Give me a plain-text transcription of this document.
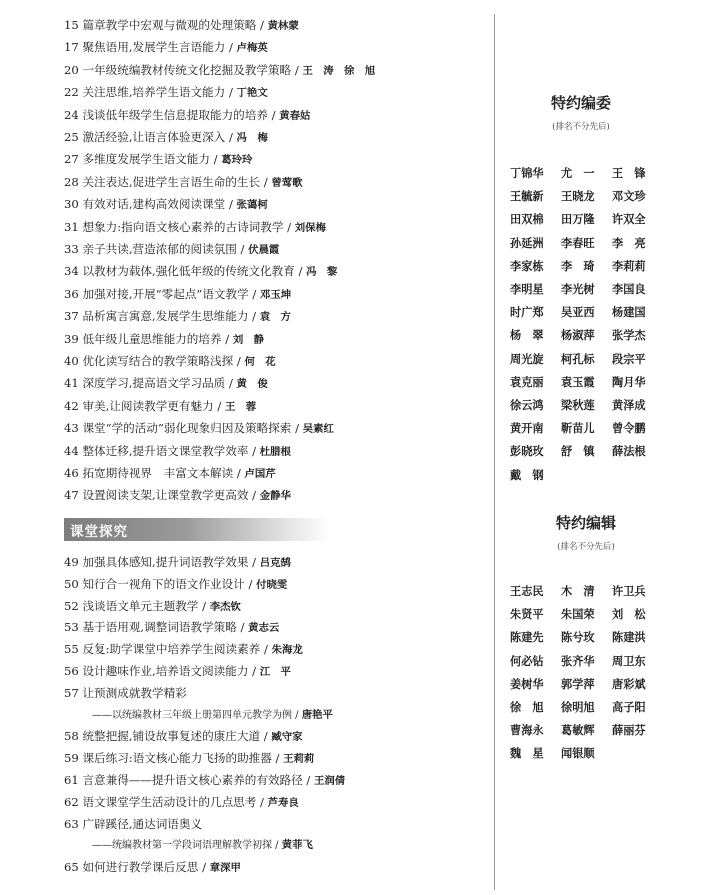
15 篇章教学中宏观与微观的处理策略 / 黄林蒙
17 聚焦语用,发展学生言语能力 / 卢梅英
20 一年级统编教材传统文化挖掘及教学策略 / 王　涛　徐　旭
22 关注思维,培养学生语文能力 / 丁艳文
24 浅谈低年级学生信息提取能力的培养 / 黄春姑
25 激活经验,让语言体验更深入 / 冯　梅
27 多维度发展学生语文能力 / 葛玲玲
28 关注表达,促进学生言语生命的生长 / 曾莺歌
30 有效对话,建构高效阅读课堂 / 张蔼柯
31 想象力:指向语文核心素养的古诗词教学 / 刘保梅
33 亲子共读,营造浓郁的阅读氛围 / 伏晨霞
34 以教材为载体,强化低年级的传统文化教育 / 冯　黎
36 加强对接,开展“零起点”语文教学 / 邓玉坤
37 品析寓言寓意,发展学生思维能力 / 袁　方
39 低年级儿童思维能力的培养 / 刘　静
40 优化读写结合的教学策略浅探 / 何　花
41 深度学习,提高语文学习品质 / 黄　俊
42 审美,让阅读教学更有魅力 / 王　蓉
43 课堂“学的活动”弱化现象归因及策略探索 / 吴素红
44 整体迁移,提升语文课堂教学效率 / 杜腊根
46 拓宽期待视界　丰富文本解读 / 卢国芹
47 设置阅读支架,让课堂教学更高效 / 金静华
49 加强具体感知,提升词语教学效果 / 吕克鹄
50 知行合一视角下的语文作业设计 / 付晓雯
52 浅谈语文单元主题教学 / 李杰钦
53 基于语用观,调整词语教学策略 / 黄志云
55 反复:助学课堂中培养学生阅读素养 / 朱海龙
56 设计趣味作业,培养语文阅读能力 / 江　平
57 让预测成就教学精彩
——以统编教材三年级上册第四单元教学为例 / 唐艳平
58 统整把握,铺设故事复述的康庄大道 / 臧守家
59 课后练习:语文核心能力飞扬的助推器 / 王莉莉
61 言意兼得——提升语文核心素养的有效路径 / 王润倩
62 语文课堂学生活动设计的几点思考 / 芦寿良
63 广辟蹊径,通达词语奥义
——统编教材第一学段词语理解教学初探 / 黄菲飞
65 如何进行教学课后反思 / 章深甲
课堂探究
特约编委
(排名不分先后)
丁锦华 尤　一 王　锋
王毓新 王晓龙 邓文珍
田双棉 田万隆 许双全
孙延洲 李春旺 李　亮
李家栋 李　琦 李莉莉
李明星 李光树 李国良
时广郑 吴亚西 杨建国
杨　翠 杨淑萍 张学杰
周光旋 柯孔标 段宗平
袁克丽 袁玉霞 陶月华
徐云鸿 梁秋莲 黄泽成
黄开南 靳苗儿 曾令鹏
彭晓玫 舒　镇 薛法根
戴　钢
特约编辑
(排名不分先后)
王志民 木　清 许卫兵
朱贤平 朱国荣 刘　松
陈建先 陈兮玫 陈建洪
何必钻 张齐华 周卫东
姜树华 郭学萍 唐彩斌
徐　旭 徐明旭 高子阳
曹海永 葛敏辉 薛丽芬
魏　星 闻银顺
